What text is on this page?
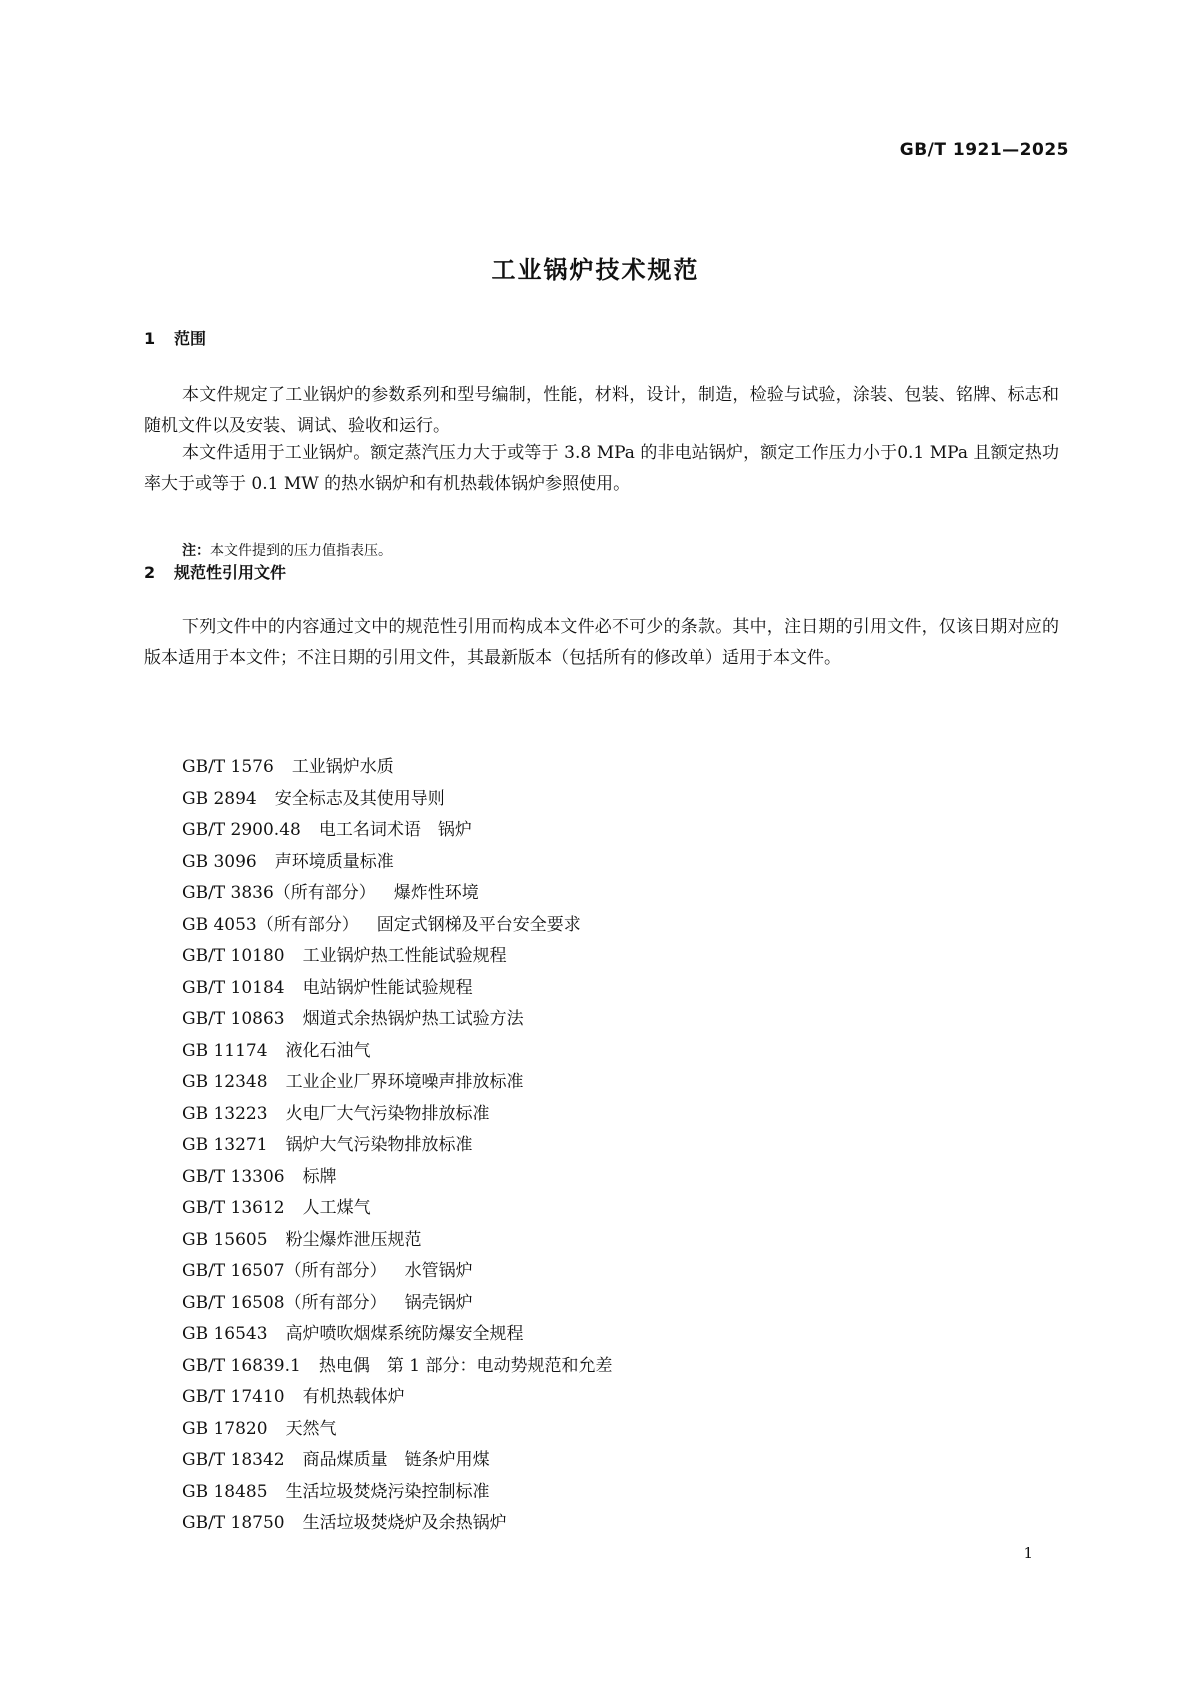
GB/T 1921—2025
工业锅炉技术规范
1 范围

本文件规定了工业锅炉的参数系列和型号编制，性能，材料，设计，制造，检验与试验，涂装、包装、铭牌、标志和随机文件以及安装、调试、验收和运行。

本文件适用于工业锅炉。额定蒸汽压力大于或等于 3.8 MPa 的非电站锅炉，额定工作压力小于0.1 MPa 且额定热功率大于或等于 0.1 MW 的热水锅炉和有机热载体锅炉参照使用。

注：本文件提到的压力值指表压。
2 规范性引用文件

下列文件中的内容通过文中的规范性引用而构成本文件必不可少的条款。其中，注日期的引用文件，仅该日期对应的版本适用于本文件；不注日期的引用文件，其最新版本（包括所有的修改单）适用于本文件。

GB/T 1576 工业锅炉水质
GB 2894 安全标志及其使用导则
GB/T 2900.48 电工名词术语　锅炉
GB 3096 声环境质量标准
GB/T 3836（所有部分） 爆炸性环境
GB 4053（所有部分） 固定式钢梯及平台安全要求
GB/T 10180 工业锅炉热工性能试验规程
GB/T 10184 电站锅炉性能试验规程
GB/T 10863 烟道式余热锅炉热工试验方法
GB 11174 液化石油气
GB 12348 工业企业厂界环境噪声排放标准
GB 13223 火电厂大气污染物排放标准
GB 13271 锅炉大气污染物排放标准
GB/T 13306 标牌
GB/T 13612 人工煤气
GB 15605 粉尘爆炸泄压规范
GB/T 16507（所有部分） 水管锅炉
GB/T 16508（所有部分） 锅壳锅炉
GB 16543 高炉喷吹烟煤系统防爆安全规程
GB/T 16839.1 热电偶　第 1 部分：电动势规范和允差
GB/T 17410 有机热载体炉
GB 17820 天然气
GB/T 18342 商品煤质量　链条炉用煤
GB 18485 生活垃圾焚烧污染控制标准
GB/T 18750 生活垃圾焚烧炉及余热锅炉
1
